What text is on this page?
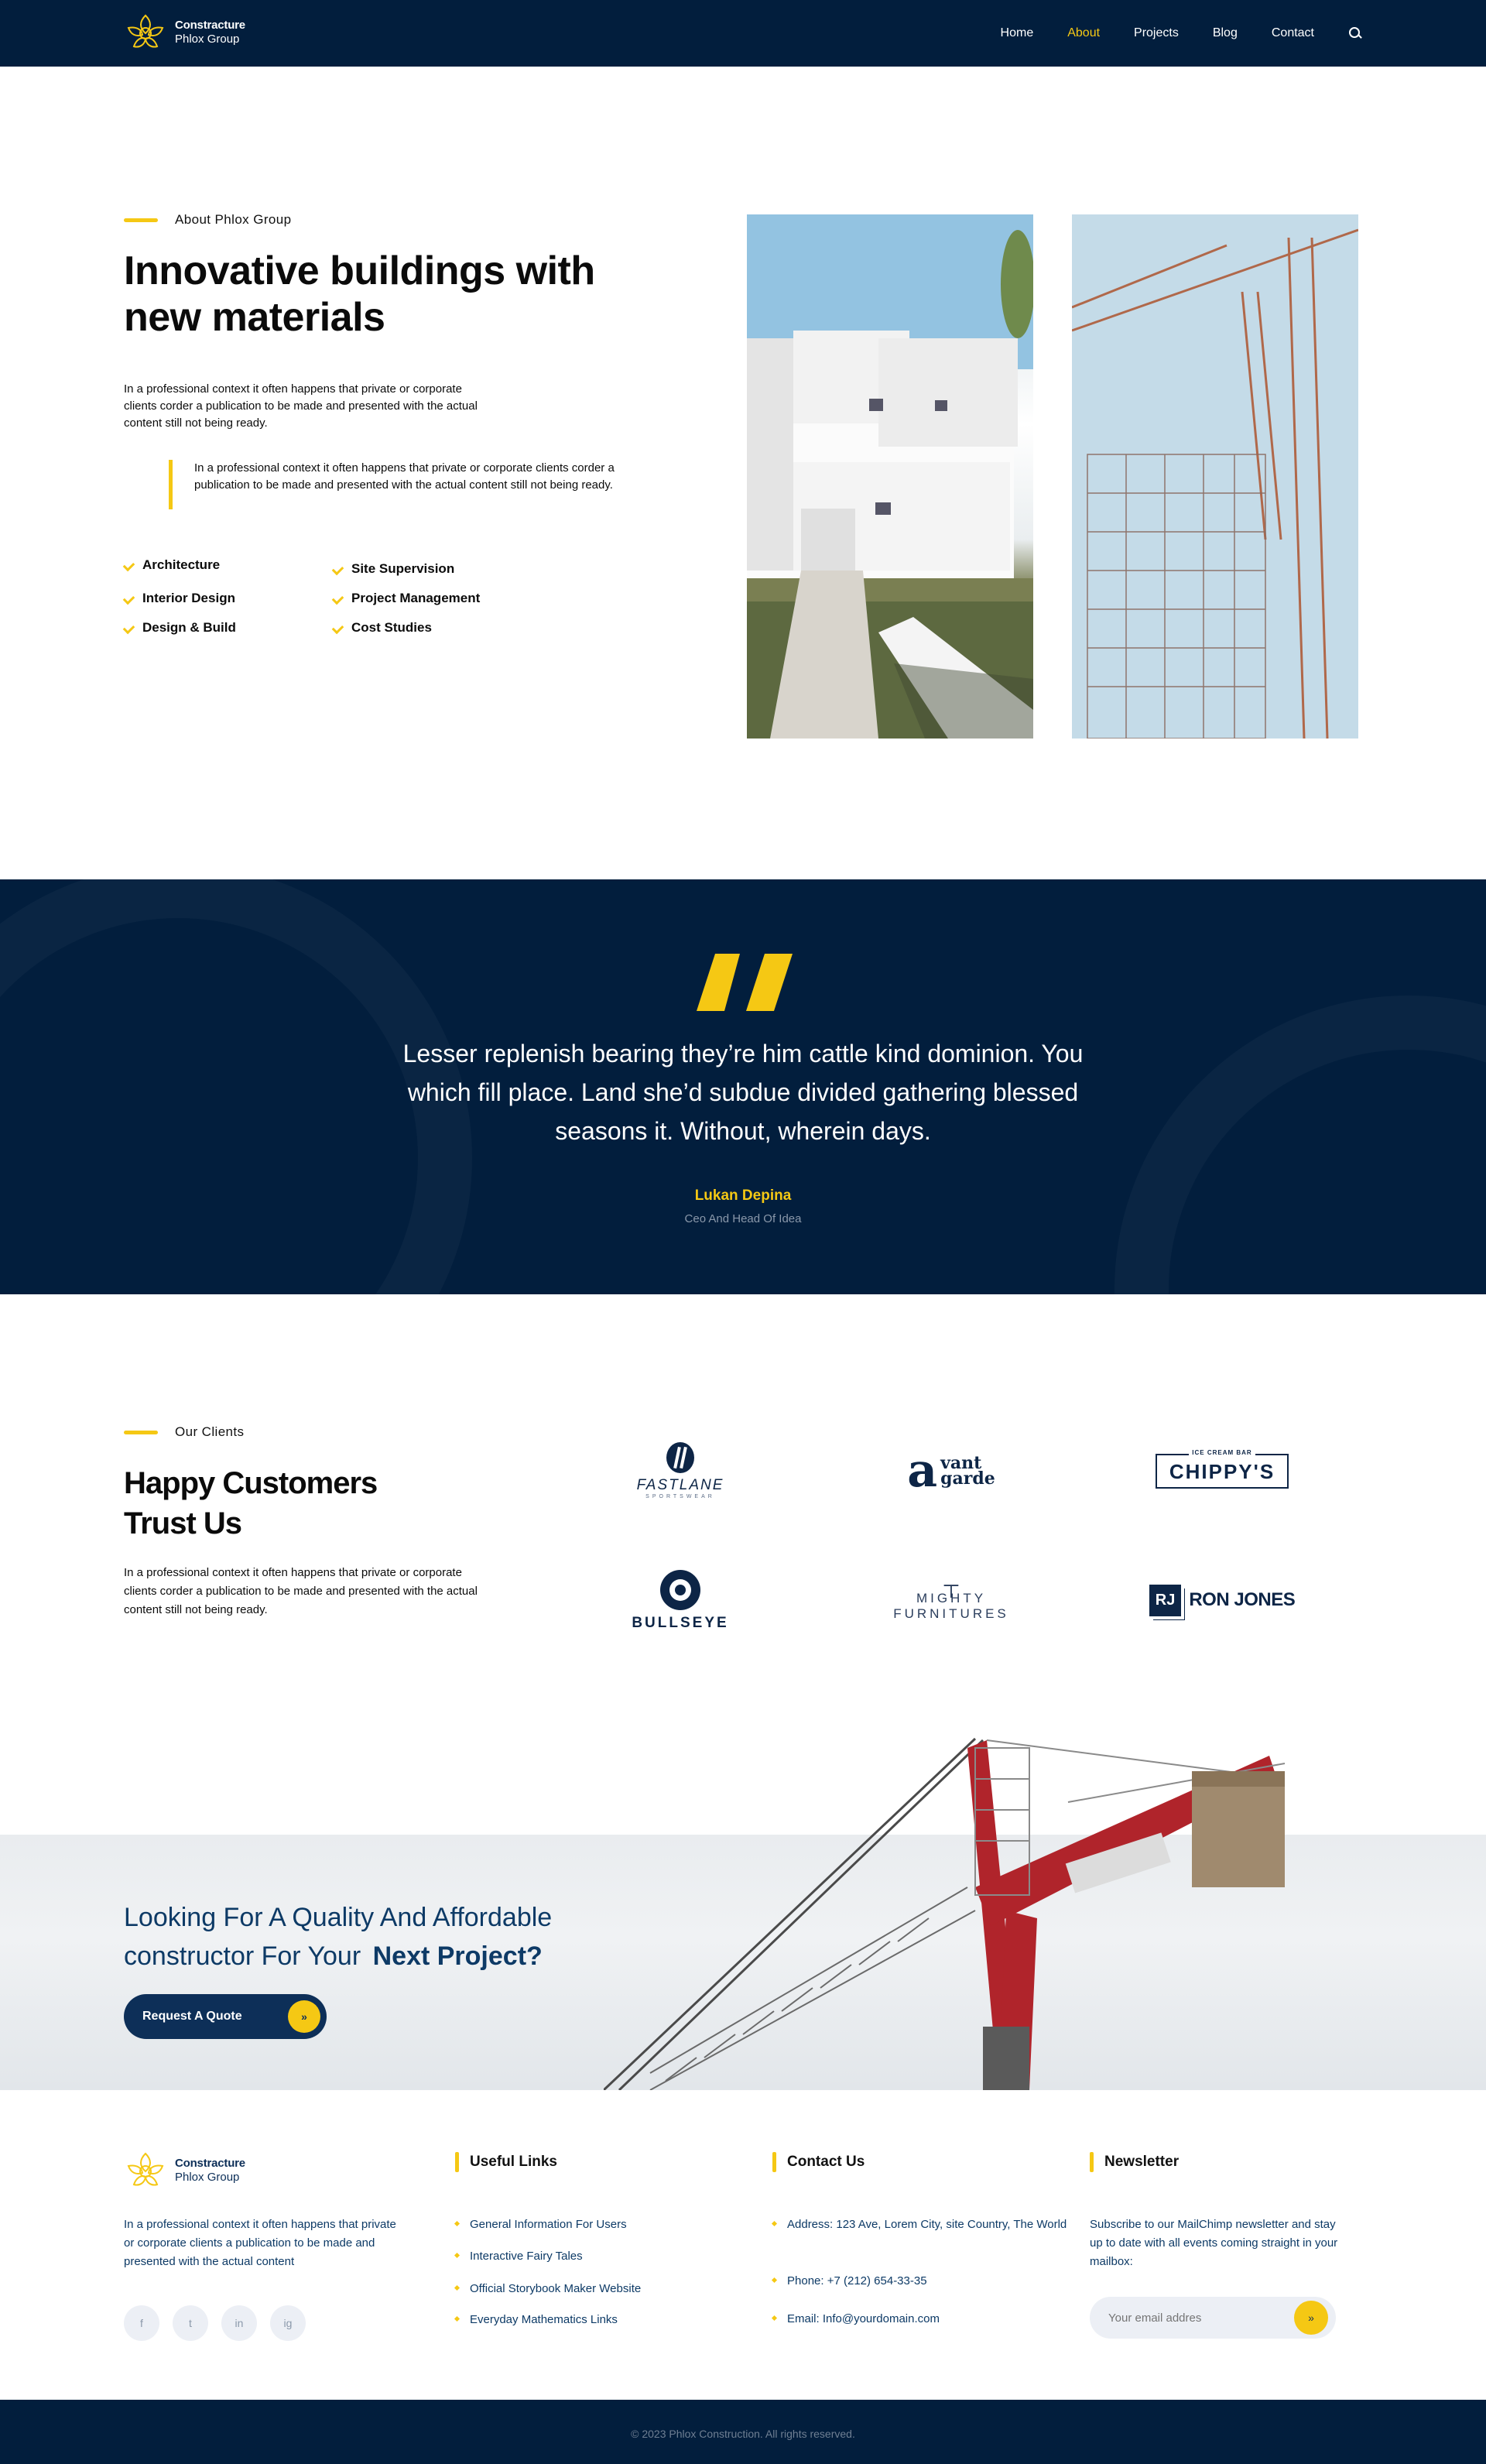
Constracture
Phlox Group	Home	About	Projects	Blog	Contact
About Phlox Group
Innovative buildings with new materials

In a professional context it often happens that private or corporate clients corder a publication to be made and presented with the actual content still not being ready.

In a professional context it often happens that private or corporate clients corder a publication to be made and presented with the actual content still not being ready.
Architecture
Interior Design
Design & Build
Site Supervision
Project Management
Cost Studies

Lesser replenish bearing they’re him cattle kind dominion. You which fill place. Land she’d subdue divided gathering blessed seasons it. Without, wherein days.

Lukan Depina
Ceo And Head Of Idea
Our Clients
Happy Customers Trust Us

In a professional context it often happens that private or corporate clients corder a publication to be made and presented with the actual content still not being ready.

FASTLANE
SPORTSWEAR	a vant
garde
ICE CREAM BAR
CHIPPY'S
BULLSEYE
┬
MIGHTY
FURNITURES
RJ RON JONES
Looking For A Quality And Affordable
constructor For Your Next Project?
Request A Quote	»
Constracture
Phlox Group

In a professional context it often happens that private or corporate clients a publication to be made and presented with the actual content

f	t	in	ig
Useful Links
General Information For Users
Interactive Fairy Tales
Official Storybook Maker Website
Everyday Mathematics Links
Contact Us
Address: 123 Ave, Lorem City, site Country, The World
Phone: +7 (212) 654-33-35
Email: Info@yourdomain.com
Newsletter

Subscribe to our MailChimp newsletter and stay up to date with all events coming straight in your mailbox:

Your email addres
»
© 2023 Phlox Construction. All rights reserved.
